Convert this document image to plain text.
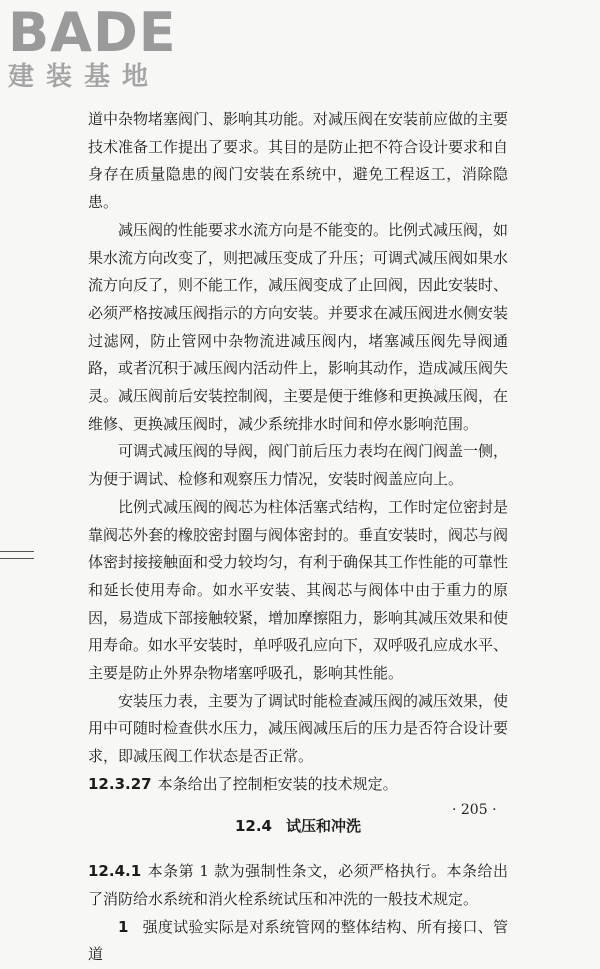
BADE
建装基地

道中杂物堵塞阀门、影响其功能。对减压阀在安装前应做的主要技术准备工作提出了要求。其目的是防止把不符合设计要求和自身存在质量隐患的阀门安装在系统中，避免工程返工，消除隐患。

减压阀的性能要求水流方向是不能变的。比例式减压阀，如果水流方向改变了，则把减压变成了升压；可调式减压阀如果水流方向反了，则不能工作，减压阀变成了止回阀，因此安装时、必须严格按减压阀指示的方向安装。并要求在减压阀进水侧安装过滤网，防止管网中杂物流进减压阀内，堵塞减压阀先导阀通路，或者沉积于减压阀内活动件上，影响其动作，造成减压阀失灵。减压阀前后安装控制阀，主要是便于维修和更换减压阀，在维修、更换减压阀时，减少系统排水时间和停水影响范围。

可调式减压阀的导阀，阀门前后压力表均在阀门阀盖一侧，为便于调试、检修和观察压力情况，安装时阀盖应向上。

比例式减压阀的阀芯为柱体活塞式结构，工作时定位密封是靠阀芯外套的橡胶密封圈与阀体密封的。垂直安装时，阀芯与阀体密封接接触面和受力较均匀，有利于确保其工作性能的可靠性和延长使用寿命。如水平安装、其阀芯与阀体中由于重力的原因，易造成下部接触较紧，增加摩擦阻力，影响其减压效果和使用寿命。如水平安装时，单呼吸孔应向下，双呼吸孔应成水平、主要是防止外界杂物堵塞呼吸孔，影响其性能。

安装压力表，主要为了调试时能检查减压阀的减压效果，使用中可随时检查供水压力，减压阀减压后的压力是否符合设计要求，即减压阀工作状态是否正常。

12.3.27 本条给出了控制柜安装的技术规定。

12.4 试压和冲洗

12.4.1 本条第 1 款为强制性条文，必须严格执行。本条给出了消防给水系统和消火栓系统试压和冲洗的一般技术规定。

1 强度试验实际是对系统管网的整体结构、所有接口、管道

· 205 ·
